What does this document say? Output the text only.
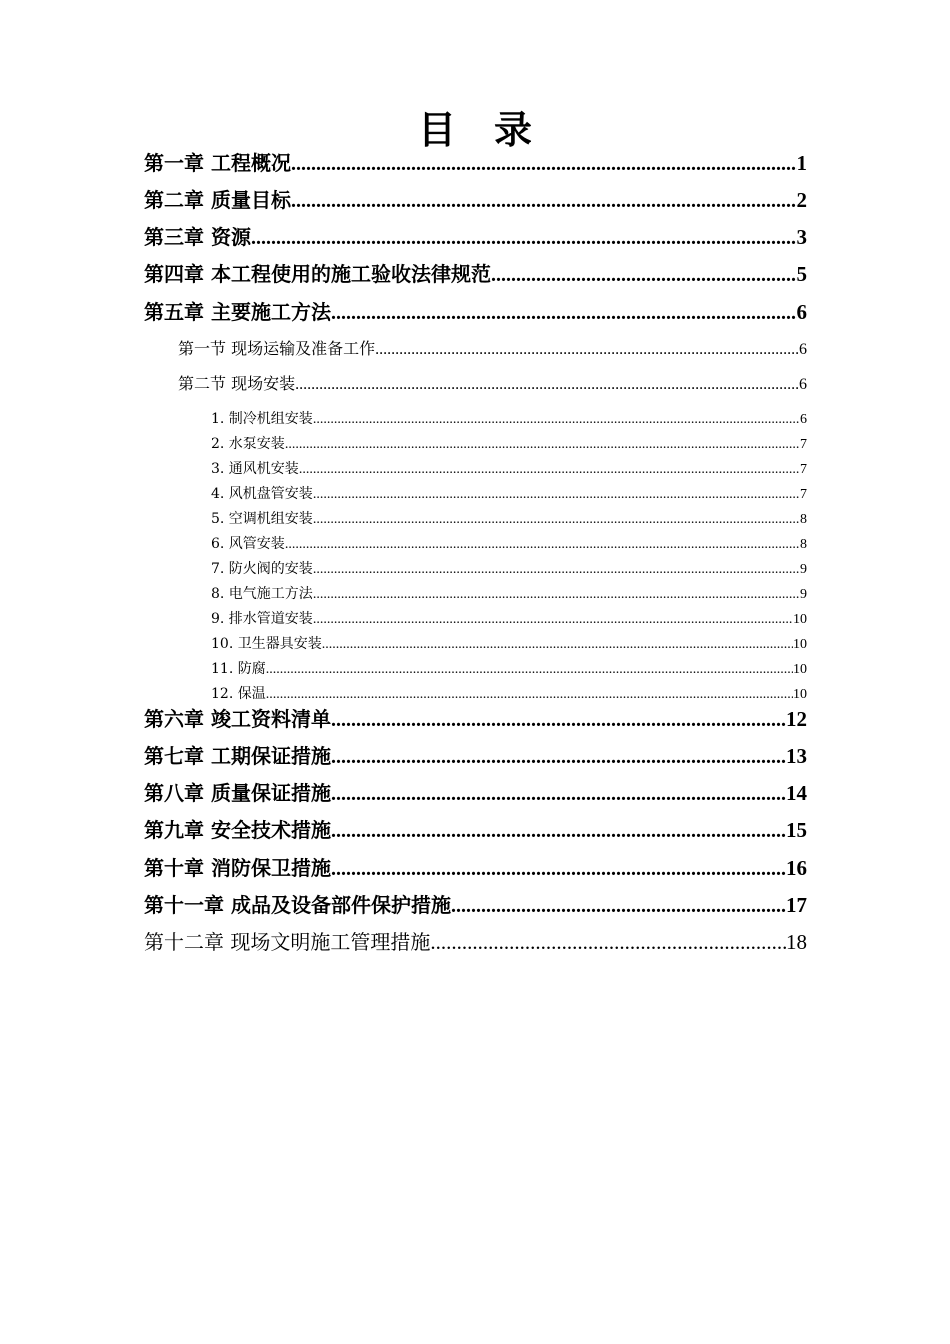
目　录
第一章 工程概况 .....	1
第二章 质量目标 .....	2
第三章 资源 .....	3
第四章 本工程使用的施工验收法律规范 .....	5
第五章 主要施工方法 .....	6
第一节 现场运输及准备工作 .....	6
第二节 现场安装 .....	6
1. 制冷机组安装 .....	6
2. 水泵安装 .....	7
3. 通风机安装 .....	7
4. 风机盘管安装 .....	7
5. 空调机组安装 .....	8
6. 风管安装 .....	8
7. 防火阀的安装 .....	9
8. 电气施工方法 .....	9
9. 排水管道安装 .....	10
10. 卫生器具安装 .....	10
11. 防腐 .....	10
12. 保温 .....	10
第六章 竣工资料清单 .....	12
第七章 工期保证措施 .....	13
第八章 质量保证措施 .....	14
第九章 安全技术措施 .....	15
第十章 消防保卫措施 .....	16
第十一章 成品及设备部件保护措施 .....	17
第十二章 现场文明施工管理措施 .....	18
